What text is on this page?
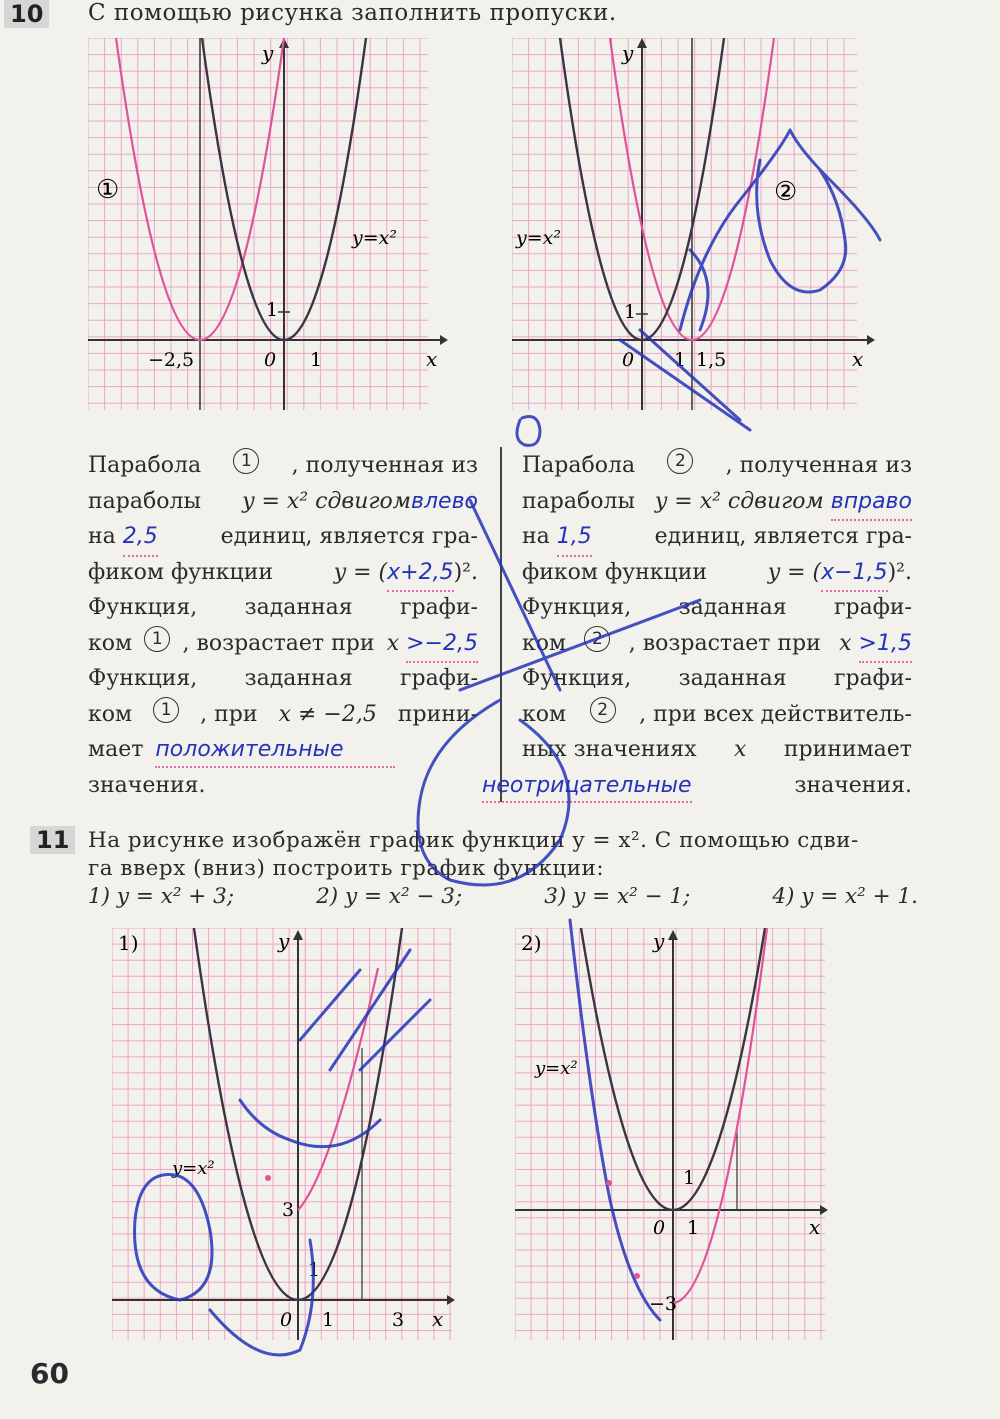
10 С помощью рисунка заполнить пропуски.
y
x
y=x²
①
−2,5	0 1
1
y
x
y=x²
②
0 1 1,5
1
Парабола	1	, полученная из
параболы y = x² сдвигомвлево
на 2,5	единиц, является гра-
фиком функции	y = (x+2,5)².
Функция, заданная графи-
ком	1 , возрастает при x >−2,5
Функция, заданная графи-
ком	1	, при x ≠ −2,5 прини-
мает положительные
значения.
Парабола	2	, полученная из
параболы y = x² сдвигом вправо
на 1,5	единиц, является гра-
фиком функции	y = (x−1,5)².
Функция, заданная графи-
ком	2	, возрастает при x >1,5
Функция, заданная графи-
ком	2	, при всех действитель-
ных значениях x принимает
неотрицательные	значения.
11 На рисунке изображён график функции y = x². С помощью сдви-
га вверх (вниз) построить график функции:
1) y = x² + 3;	2) y = x² − 3;	3) y = x² − 1;	4) y = x² + 1.
1)	y
x
y=x²
0 1	3
3
1
2)	y
x
y=x²
0 1
1
−3
60
